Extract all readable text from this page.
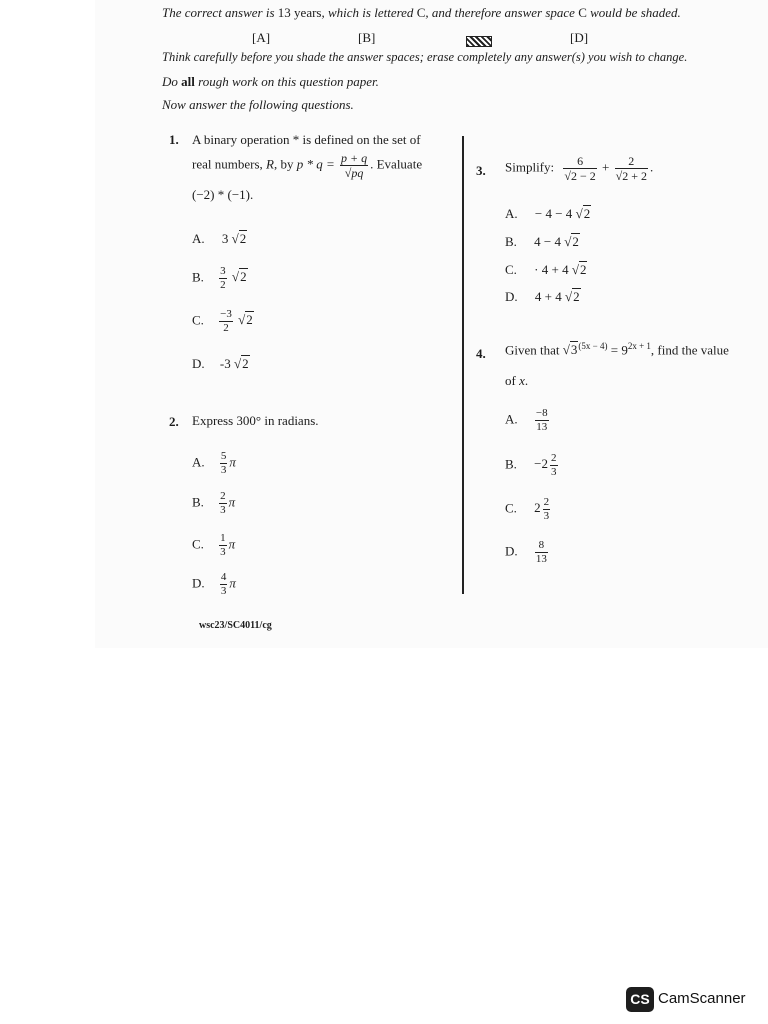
The correct answer is 13 years, which is lettered C, and therefore answer space C would be shaded.
[A]	[B]	[D]
Think carefully before you shade the answer spaces; erase completely any answer(s) you wish to change.
Do all rough work on this question paper.
Now answer the following questions.
1. A binary operation * is defined on the set of
real numbers, R, by $p * q = \frac{p + q}{√pq}$ . Evaluate
(−2) * (−1).
A. 3 √2
B. $\frac{3}{2} √2$
C. $\frac{-3}{2} √2$
D. -3 √2
2. Express 300° in radians.
A. $\frac{5}{3}$ π
B. $\frac{2}{3}$ π
C. $\frac{1}{3}$ π
D. $\frac{4}{3}$ π
3. Simplify: $\frac{6}{√2 - 2} + \frac{2}{√2 + 2}$ .
A. − 4 − 4 √2
B. 4 − 4 √2
C. · 4 + 4 √2
D. 4 + 4 √2
4. Given that $√3^{(5x - 4)} = 9^{2x + 1}$, find the value
of x.
A. $\frac{-8}{13}$
B. $-2 \frac{2}{3}$
C. $2 \frac{2}{3}$
D. $\frac{8}{13}$
wsc23/SC4011/cg
CS CamScanner
